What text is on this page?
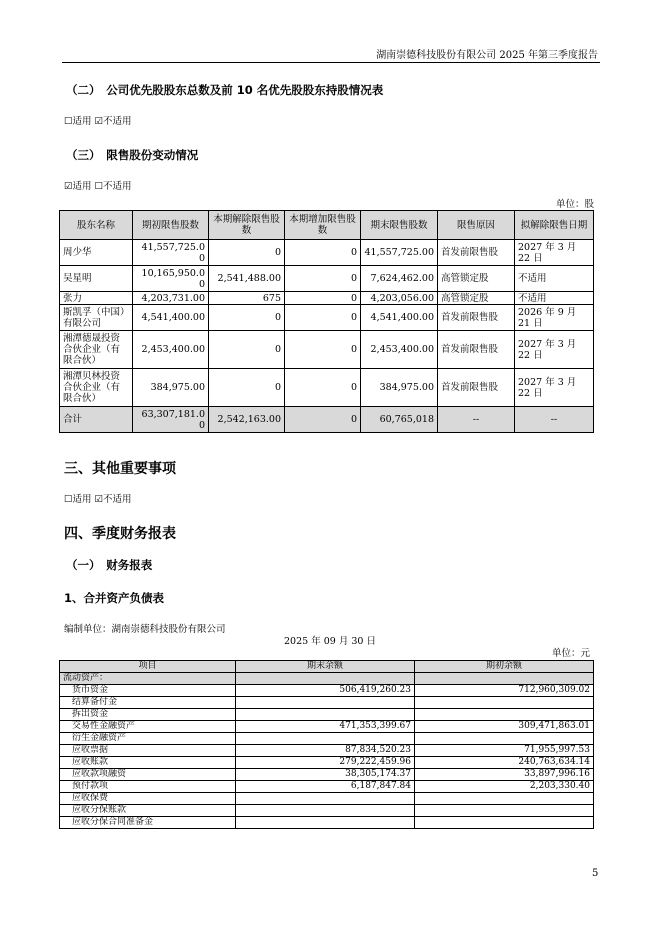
湖南崇德科技股份有限公司 2025 年第三季度报告
（二）　公司优先股股东总数及前 10 名优先股股东持股情况表
☐适用 ☑不适用
（三）　限售股份变动情况
☑适用 ☐不适用
单位：股
股东名称	期初限售股数	本期解除限售股数	本期增加限售股数	期末限售股数	限售原因	拟解除限售日期
周少华	41,557,725.00	0	0	41,557,725.00	首发前限售股	2027 年 3 月 22 日
吴星明	10,165,950.00	2,541,488.00	0	7,624,462.00	高管锁定股	不适用
张力	4,203,731.00	675	0	4,203,056.00	高管锁定股	不适用
斯凯孚（中国）有限公司	4,541,400.00	0	0	4,541,400.00	首发前限售股	2026 年 9 月 21 日
湘潭德晟投资合伙企业（有限合伙）	2,453,400.00	0	0	2,453,400.00	首发前限售股	2027 年 3 月 22 日
湘潭贝林投资合伙企业（有限合伙）	384,975.00	0	0	384,975.00	首发前限售股	2027 年 3 月 22 日
合计	63,307,181.00	2,542,163.00	0	60,765,018	--	--
三、其他重要事项
☐适用 ☑不适用
四、季度财务报表
（一）　财务报表
1、合并资产负债表
编制单位：湖南崇德科技股份有限公司
2025 年 09 月 30 日
单位：元
项目	期末余额	期初余额
流动资产：		
货币资金	506,419,260.23	712,960,309.02
结算备付金		
拆出资金		
交易性金融资产	471,353,399.67	309,471,863.01
衍生金融资产		
应收票据	87,834,520.23	71,955,997.53
应收账款	279,222,459.96	240,763,634.14
应收款项融资	38,305,174.37	33,897,996.16
预付款项	6,187,847.84	2,203,330.40
应收保费		
应收分保账款		
应收分保合同准备金		
5
